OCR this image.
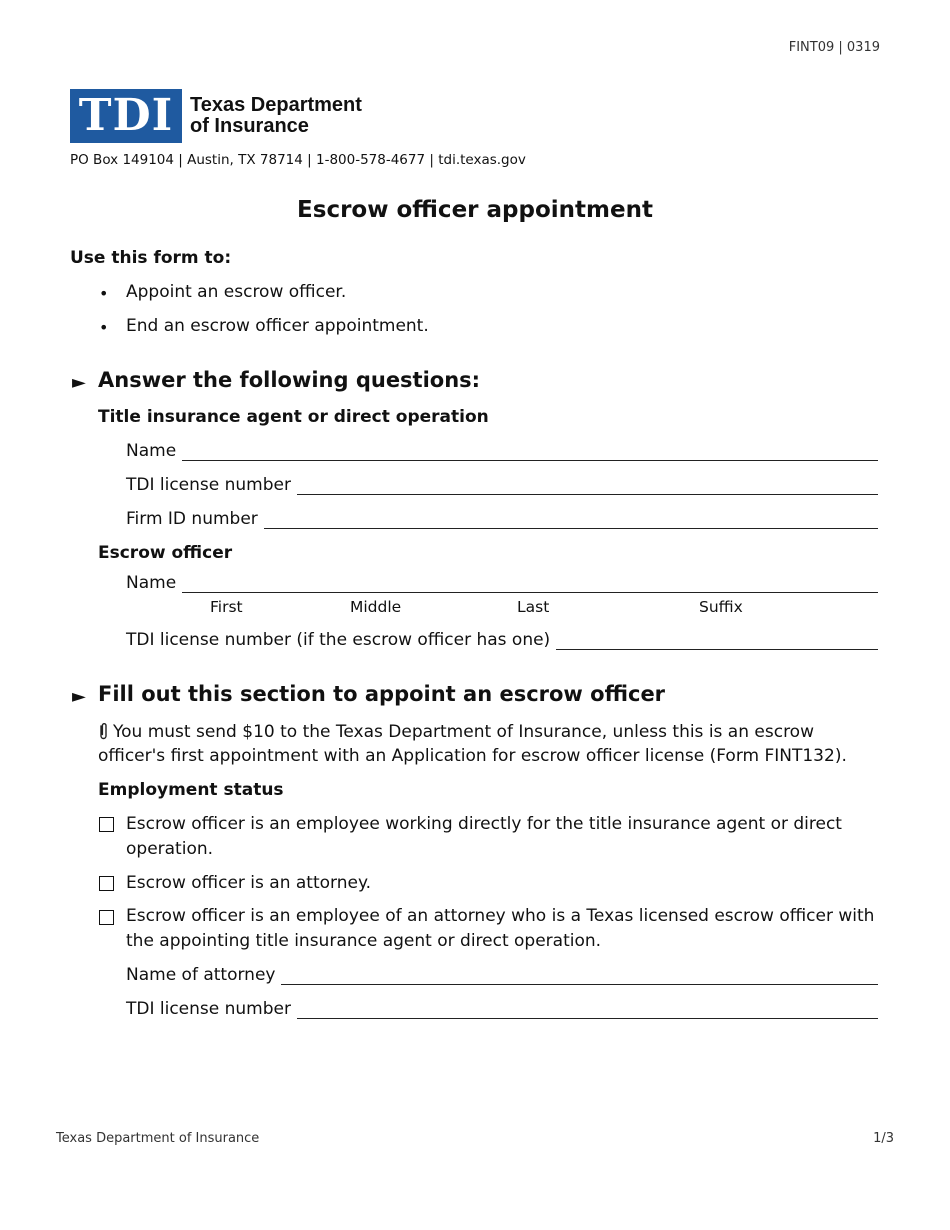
FINT09 | 0319
TDI Texas Department
of Insurance
PO Box 149104 | Austin, TX 78714 | 1-800-578-4677 | tdi.texas.gov
Escrow officer appointment
Use this form to:
• Appoint an escrow officer.
• End an escrow officer appointment.
► Answer the following questions:
Title insurance agent or direct operation
Name
TDI license number
Firm ID number
Escrow officer
Name
First	Middle	Last	Suffix
TDI license number (if the escrow officer has one)
► Fill out this section to appoint an escrow officer
You must send $10 to the Texas Department of Insurance, unless this is an escrow officer's first appointment with an Application for escrow officer license (Form FINT132).
Employment status
Escrow officer is an employee working directly for the title insurance agent or direct operation.
Escrow officer is an attorney.
Escrow officer is an employee of an attorney who is a Texas licensed escrow officer with the appointing title insurance agent or direct operation.
Name of attorney
TDI license number
Texas Department of Insurance	1/3
